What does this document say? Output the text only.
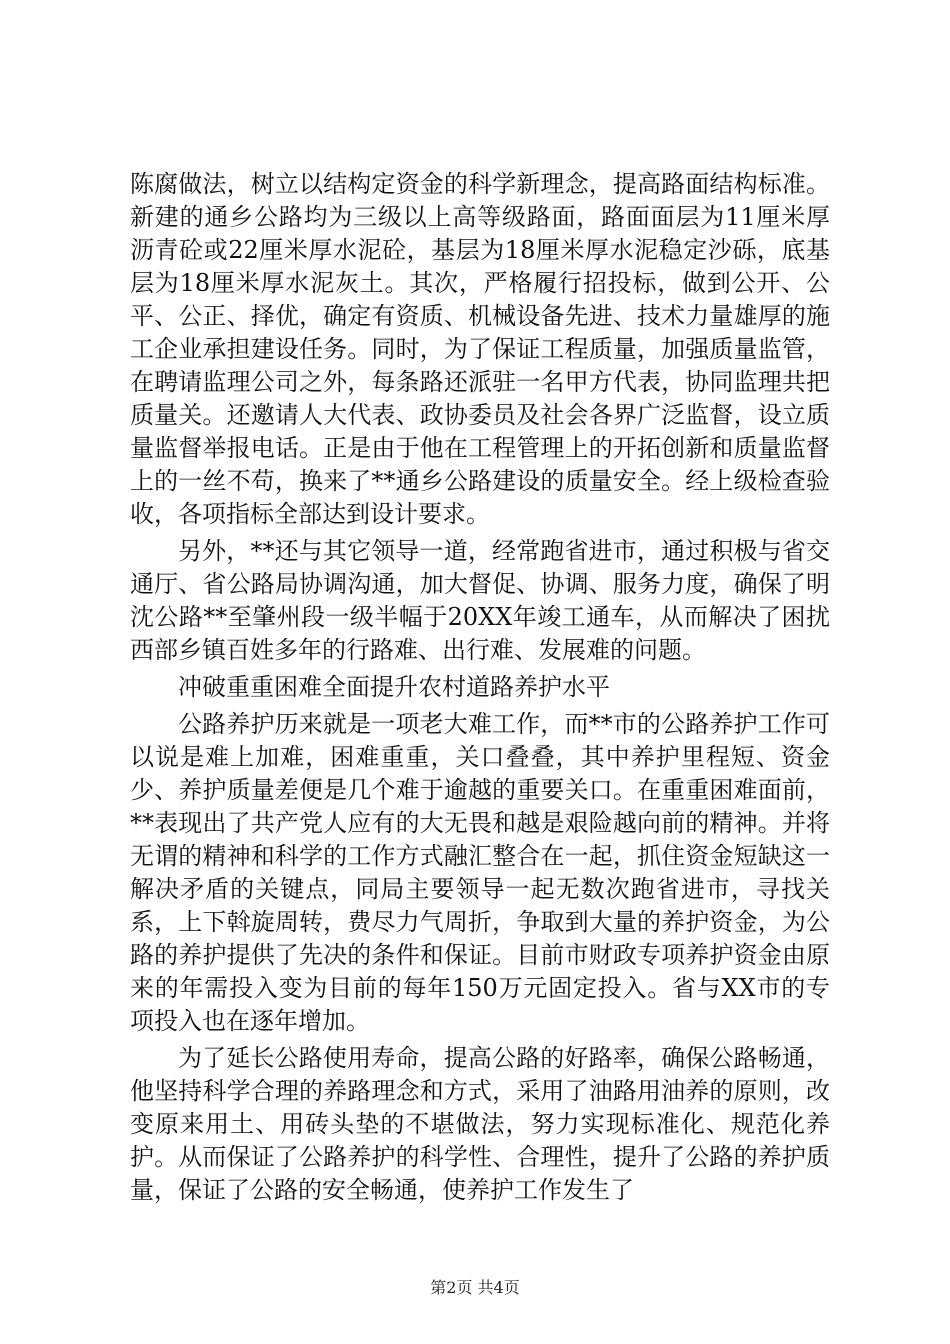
陈腐做法，树立以结构定资金的科学新理念，提高路面结构标准。新建的通乡公路均为三级以上高等级路面，路面面层为11厘米厚沥青砼或22厘米厚水泥砼，基层为18厘米厚水泥稳定沙砾，底基层为18厘米厚水泥灰土。其次，严格履行招投标，做到公开、公平、公正、择优，确定有资质、机械设备先进、技术力量雄厚的施工企业承担建设任务。同时，为了保证工程质量，加强质量监管，在聘请监理公司之外，每条路还派驻一名甲方代表，协同监理共把质量关。还邀请人大代表、政协委员及社会各界广泛监督，设立质量监督举报电话。正是由于他在工程管理上的开拓创新和质量监督上的一丝不苟，换来了**通乡公路建设的质量安全。经上级检查验收，各项指标全部达到设计要求。

另外，**还与其它领导一道，经常跑省进市，通过积极与省交通厅、省公路局协调沟通，加大督促、协调、服务力度，确保了明沈公路**至肇州段一级半幅于20XX年竣工通车，从而解决了困扰西部乡镇百姓多年的行路难、出行难、发展难的问题。

冲破重重困难全面提升农村道路养护水平

公路养护历来就是一项老大难工作，而**市的公路养护工作可以说是难上加难，困难重重，关口叠叠，其中养护里程短、资金少、养护质量差便是几个难于逾越的重要关口。在重重困难面前，**表现出了共产党人应有的大无畏和越是艰险越向前的精神。并将无谓的精神和科学的工作方式融汇整合在一起，抓住资金短缺这一解决矛盾的关键点，同局主要领导一起无数次跑省进市，寻找关系，上下斡旋周转，费尽力气周折，争取到大量的养护资金，为公路的养护提供了先决的条件和保证。目前市财政专项养护资金由原来的年需投入变为目前的每年150万元固定投入。省与XX市的专项投入也在逐年增加。

为了延长公路使用寿命，提高公路的好路率，确保公路畅通，他坚持科学合理的养路理念和方式，采用了油路用油养的原则，改变原来用土、用砖头垫的不堪做法，努力实现标准化、规范化养护。从而保证了公路养护的科学性、合理性，提升了公路的养护质量，保证了公路的安全畅通，使养护工作发生了

第2页 共4页
